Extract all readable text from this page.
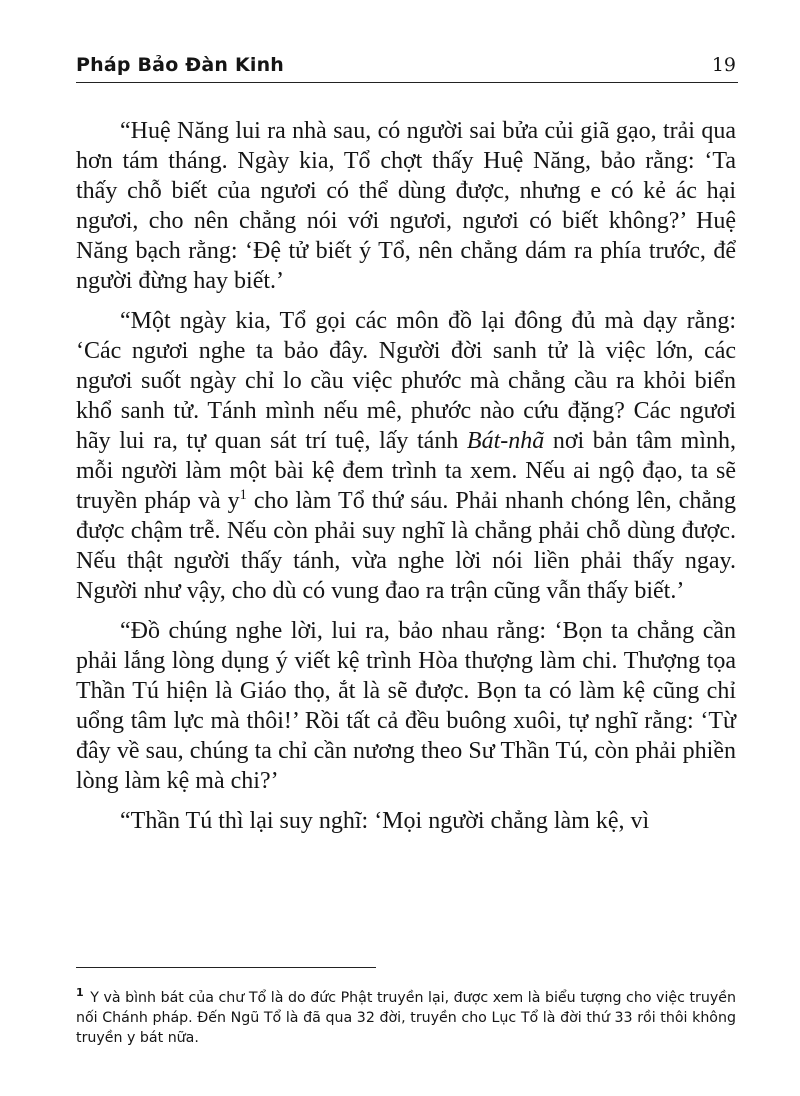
Pháp Bảo Đàn Kinh	19

“Huệ Năng lui ra nhà sau, có người sai bửa củi giã gạo, trải qua hơn tám tháng. Ngày kia, Tổ chợt thấy Huệ Năng, bảo rằng: ‘Ta thấy chỗ biết của ngươi có thể dùng được, nhưng e có kẻ ác hại ngươi, cho nên chẳng nói với ngươi, ngươi có biết không?’ Huệ Năng bạch rằng: ‘Đệ tử biết ý Tổ, nên chẳng dám ra phía trước, để người đừng hay biết.’

“Một ngày kia, Tổ gọi các môn đồ lại đông đủ mà dạy rằng: ‘Các ngươi nghe ta bảo đây. Người đời sanh tử là việc lớn, các ngươi suốt ngày chỉ lo cầu việc phước mà chẳng cầu ra khỏi biển khổ sanh tử. Tánh mình nếu mê, phước nào cứu đặng? Các ngươi hãy lui ra, tự quan sát trí tuệ, lấy tánh Bát-nhã nơi bản tâm mình, mỗi người làm một bài kệ đem trình ta xem. Nếu ai ngộ đạo, ta sẽ truyền pháp và $y^1$ cho làm Tổ thứ sáu. Phải nhanh chóng lên, chẳng được chậm trễ. Nếu còn phải suy nghĩ là chẳng phải chỗ dùng được. Nếu thật người thấy tánh, vừa nghe lời nói liền phải thấy ngay. Người như vậy, cho dù có vung đao ra trận cũng vẫn thấy biết.’

“Đồ chúng nghe lời, lui ra, bảo nhau rằng: ‘Bọn ta chẳng cần phải lắng lòng dụng ý viết kệ trình Hòa thượng làm chi. Thượng tọa Thần Tú hiện là Giáo thọ, ắt là sẽ được. Bọn ta có làm kệ cũng chỉ uổng tâm lực mà thôi!’ Rồi tất cả đều buông xuôi, tự nghĩ rằng: ‘Từ đây về sau, chúng ta chỉ cần nương theo Sư Thần Tú, còn phải phiền lòng làm kệ mà chi?’

“Thần Tú thì lại suy nghĩ: ‘Mọi người chẳng làm kệ, vì

$^1$ Y và bình bát của chư Tổ là do đức Phật truyền lại, được xem là biểu tượng cho việc truyền nối Chánh pháp. Đến Ngũ Tổ là đã qua 32 đời, truyền cho Lục Tổ là đời thứ 33 rồi thôi không truyền y bát nữa.
